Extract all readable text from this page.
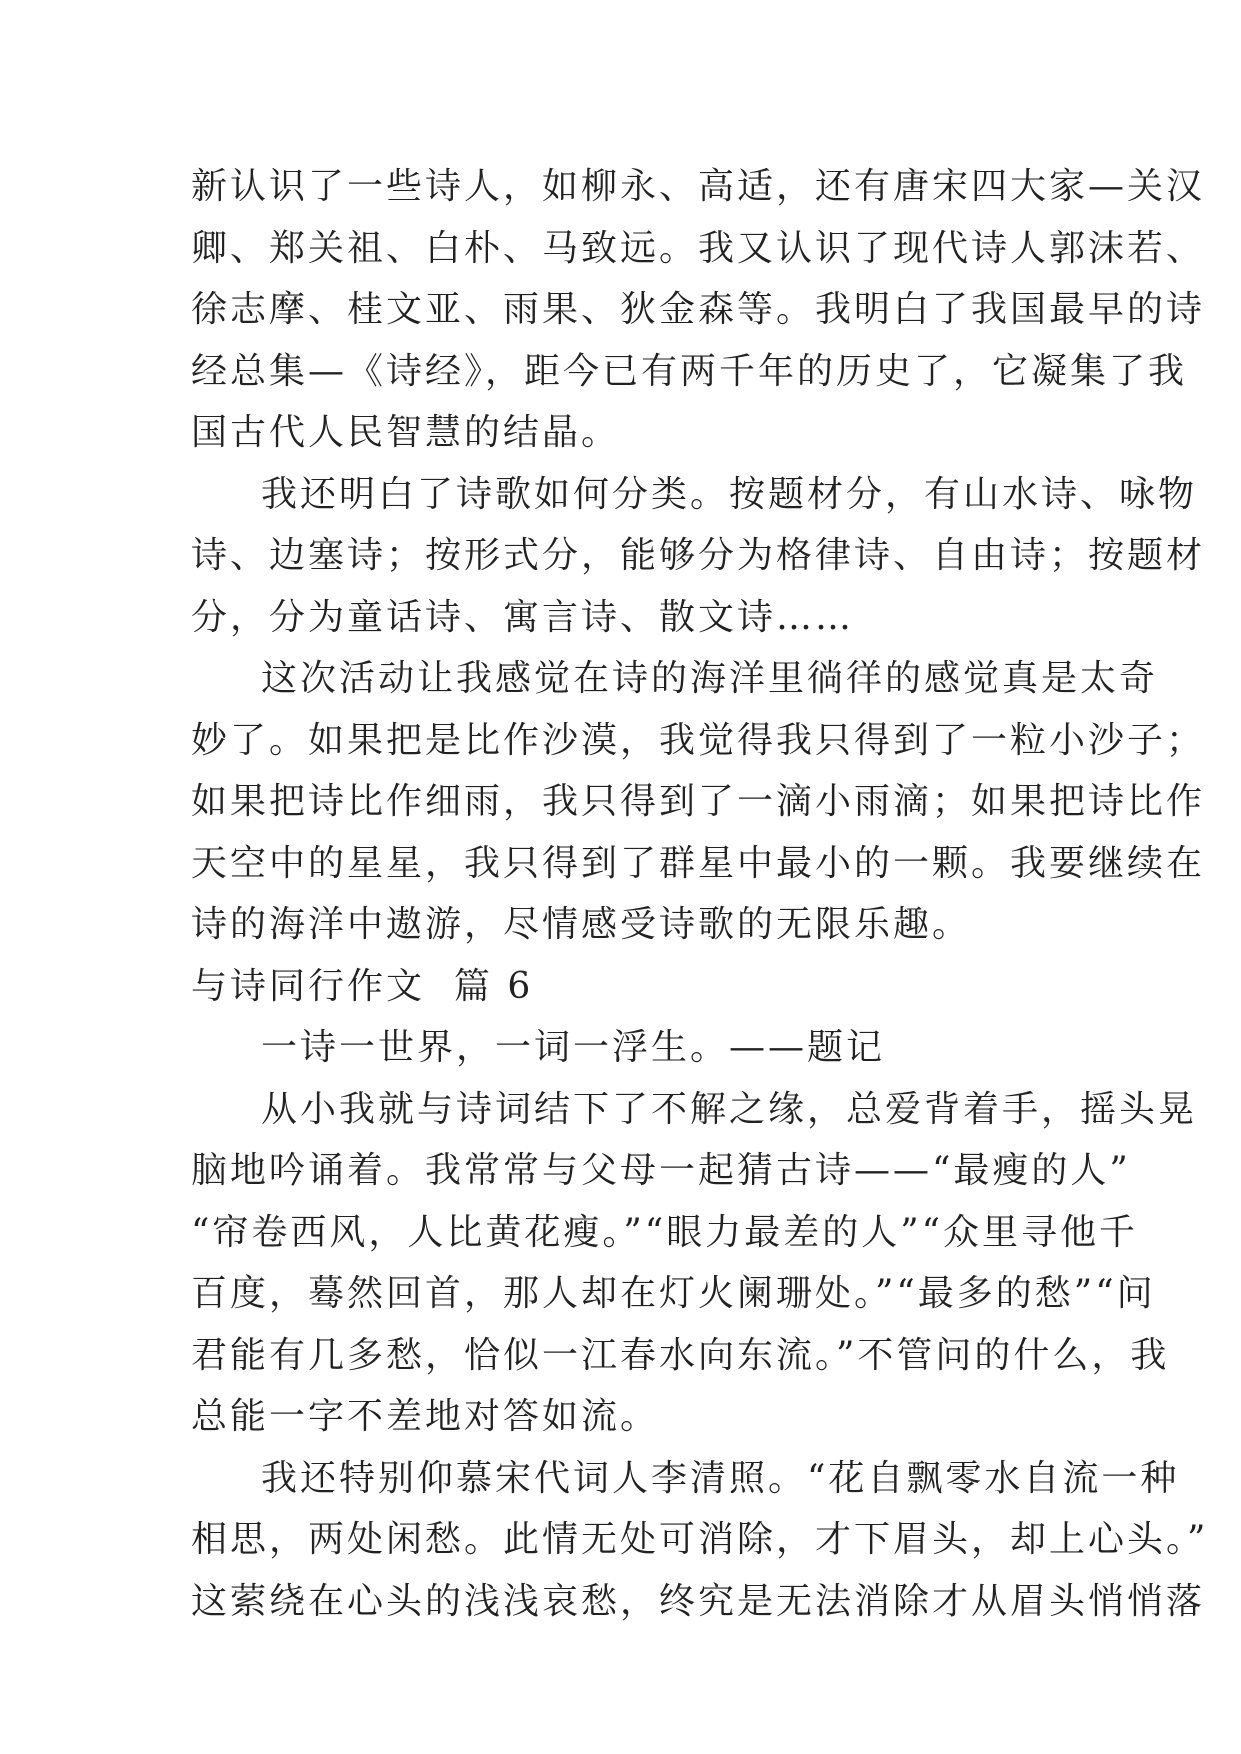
新认识了一些诗人，如柳永、高适，还有唐宋四大家—关汉
卿、郑关祖、白朴、马致远。我又认识了现代诗人郭沫若、
徐志摩、桂文亚、雨果、狄金森等。我明白了我国最早的诗
经总集—《诗经》，距今已有两千年的历史了，它凝集了我
国古代人民智慧的结晶。
我还明白了诗歌如何分类。按题材分，有山水诗、咏物
诗、边塞诗；按形式分，能够分为格律诗、自由诗；按题材
分，分为童话诗、寓言诗、散文诗……
这次活动让我感觉在诗的海洋里徜徉的感觉真是太奇
妙了。如果把是比作沙漠，我觉得我只得到了一粒小沙子；
如果把诗比作细雨，我只得到了一滴小雨滴；如果把诗比作
天空中的星星，我只得到了群星中最小的一颗。我要继续在
诗的海洋中遨游，尽情感受诗歌的无限乐趣。
与诗同行作文  篇 6
一诗一世界，一词一浮生。——题记
从小我就与诗词结下了不解之缘，总爱背着手，摇头晃
脑地吟诵着。我常常与父母一起猜古诗——“最瘦的人”
“帘卷西风，人比黄花瘦。”“眼力最差的人”“众里寻他千
百度，蓦然回首，那人却在灯火阑珊处。”“最多的愁”“问
君能有几多愁，恰似一江春水向东流。”不管问的什么，我
总能一字不差地对答如流。
我还特别仰慕宋代词人李清照。“花自飘零水自流一种
相思，两处闲愁。此情无处可消除，才下眉头，却上心头。”
这萦绕在心头的浅浅哀愁，终究是无法消除才从眉头悄悄落
